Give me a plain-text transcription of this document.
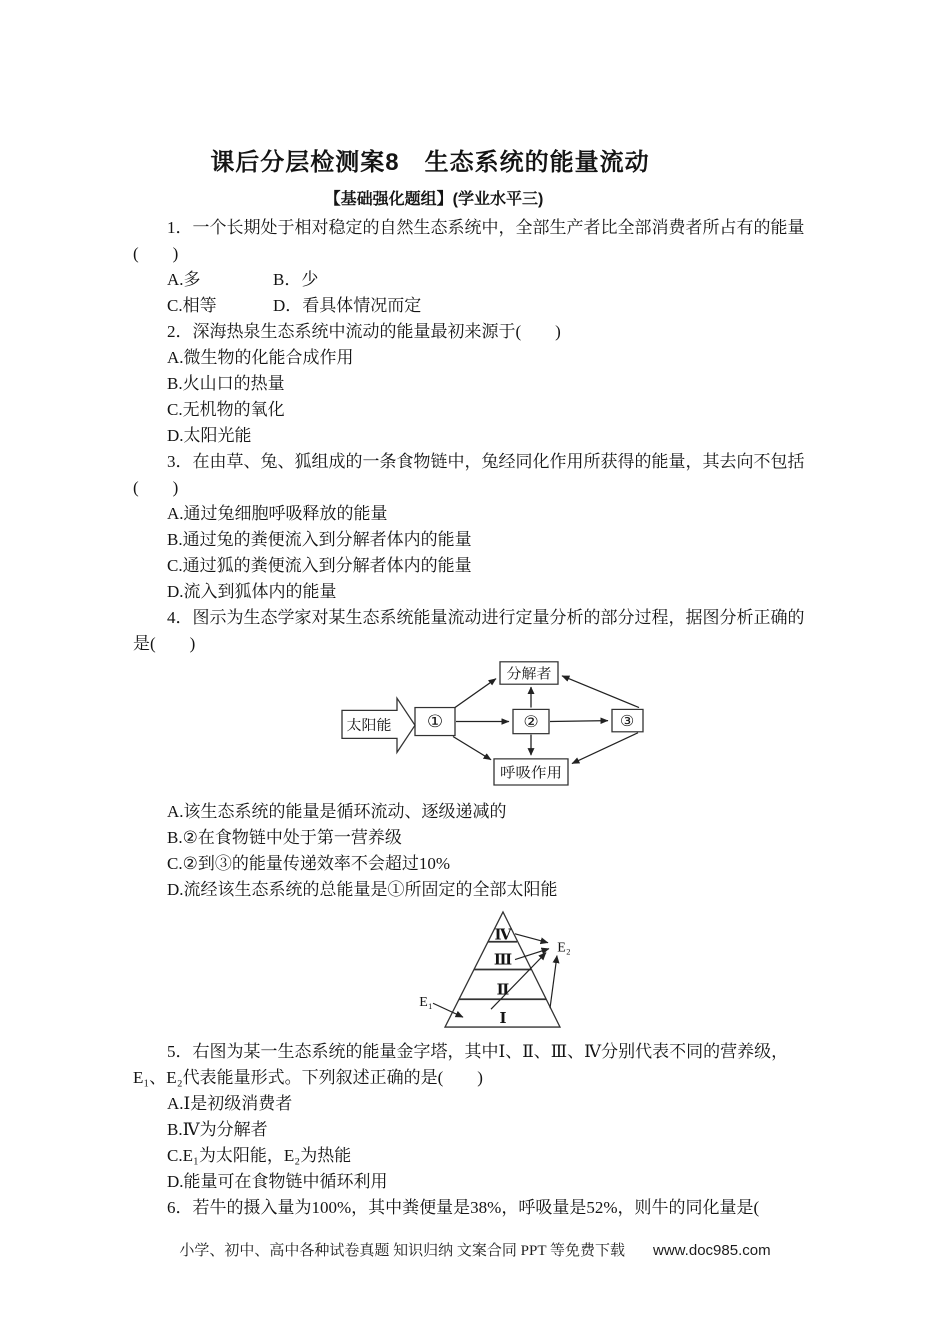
课后分层检测案8　生态系统的能量流动
【基础强化题组】(学业水平三)
1．一个长期处于相对稳定的自然生态系统中，全部生产者比全部消费者所占有的能量
(　　)
A.多	B．少
C.相等	D．看具体情况而定
2．深海热泉生态系统中流动的能量最初来源于(　　)
A.微生物的化能合成作用
B.火山口的热量
C.无机物的氧化
D.太阳光能
3．在由草、兔、狐组成的一条食物链中，兔经同化作用所获得的能量，其去向不包括
(　　)
A.通过兔细胞呼吸释放的能量
B.通过兔的粪便流入到分解者体内的能量
C.通过狐的粪便流入到分解者体内的能量
D.流入到狐体内的能量
4．图示为生态学家对某生态系统能量流动进行定量分析的部分过程，据图分析正确的
是(　　)
太阳能 ①	②	③
分解者
呼吸作用
A.该生态系统的能量是循环流动、逐级递减的
B.②在食物链中处于第一营养级
C.②到③的能量传递效率不会超过10%
D.流经该生态系统的总能量是①所固定的全部太阳能
Ⅳ
Ⅲ
Ⅱ
Ⅰ
E₁
E₂
5．右图为某一生态系统的能量金字塔，其中Ⅰ、Ⅱ、Ⅲ、Ⅳ分别代表不同的营养级，
E₁、E₂代表能量形式。下列叙述正确的是(　　)
A.Ⅰ是初级消费者
B.Ⅳ为分解者
C.E₁为太阳能，E₂为热能
D.能量可在食物链中循环利用
6．若牛的摄入量为100%，其中粪便量是38%，呼吸量是52%，则牛的同化量是(
小学、初中、高中各种试卷真题 知识归纳 文案合同 PPT 等免费下载 www.doc985.com
